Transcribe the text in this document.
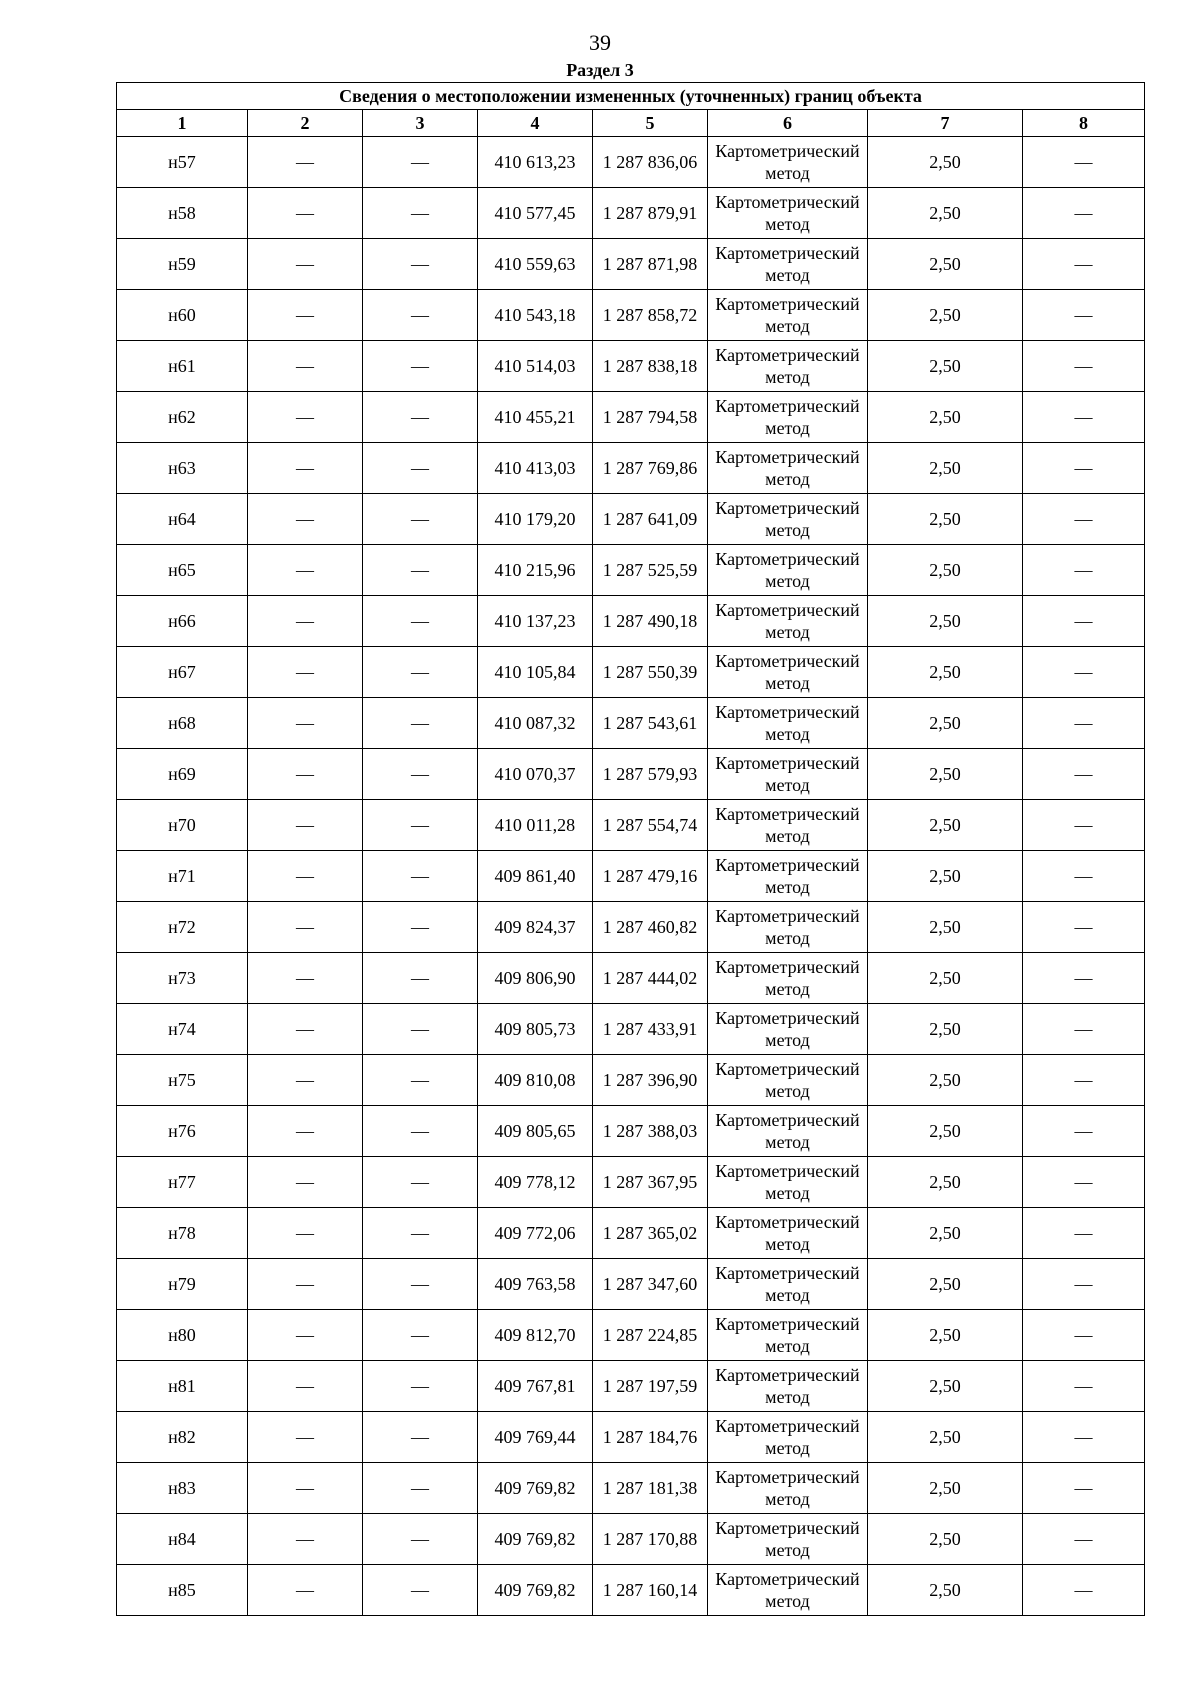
39
Раздел 3
Сведения о местоположении измененных (уточненных) границ объекта							
1	2	3	4	5	6	7	8
н57	—	—	410 613,23	1 287 836,06	Картометрическийметод	2,50	—
н58	—	—	410 577,45	1 287 879,91	Картометрическийметод	2,50	—
н59	—	—	410 559,63	1 287 871,98	Картометрическийметод	2,50	—
н60	—	—	410 543,18	1 287 858,72	Картометрическийметод	2,50	—
н61	—	—	410 514,03	1 287 838,18	Картометрическийметод	2,50	—
н62	—	—	410 455,21	1 287 794,58	Картометрическийметод	2,50	—
н63	—	—	410 413,03	1 287 769,86	Картометрическийметод	2,50	—
н64	—	—	410 179,20	1 287 641,09	Картометрическийметод	2,50	—
н65	—	—	410 215,96	1 287 525,59	Картометрическийметод	2,50	—
н66	—	—	410 137,23	1 287 490,18	Картометрическийметод	2,50	—
н67	—	—	410 105,84	1 287 550,39	Картометрическийметод	2,50	—
н68	—	—	410 087,32	1 287 543,61	Картометрическийметод	2,50	—
н69	—	—	410 070,37	1 287 579,93	Картометрическийметод	2,50	—
н70	—	—	410 011,28	1 287 554,74	Картометрическийметод	2,50	—
н71	—	—	409 861,40	1 287 479,16	Картометрическийметод	2,50	—
н72	—	—	409 824,37	1 287 460,82	Картометрическийметод	2,50	—
н73	—	—	409 806,90	1 287 444,02	Картометрическийметод	2,50	—
н74	—	—	409 805,73	1 287 433,91	Картометрическийметод	2,50	—
н75	—	—	409 810,08	1 287 396,90	Картометрическийметод	2,50	—
н76	—	—	409 805,65	1 287 388,03	Картометрическийметод	2,50	—
н77	—	—	409 778,12	1 287 367,95	Картометрическийметод	2,50	—
н78	—	—	409 772,06	1 287 365,02	Картометрическийметод	2,50	—
н79	—	—	409 763,58	1 287 347,60	Картометрическийметод	2,50	—
н80	—	—	409 812,70	1 287 224,85	Картометрическийметод	2,50	—
н81	—	—	409 767,81	1 287 197,59	Картометрическийметод	2,50	—
н82	—	—	409 769,44	1 287 184,76	Картометрическийметод	2,50	—
н83	—	—	409 769,82	1 287 181,38	Картометрическийметод	2,50	—
н84	—	—	409 769,82	1 287 170,88	Картометрическийметод	2,50	—
н85	—	—	409 769,82	1 287 160,14	Картометрическийметод	2,50	—
